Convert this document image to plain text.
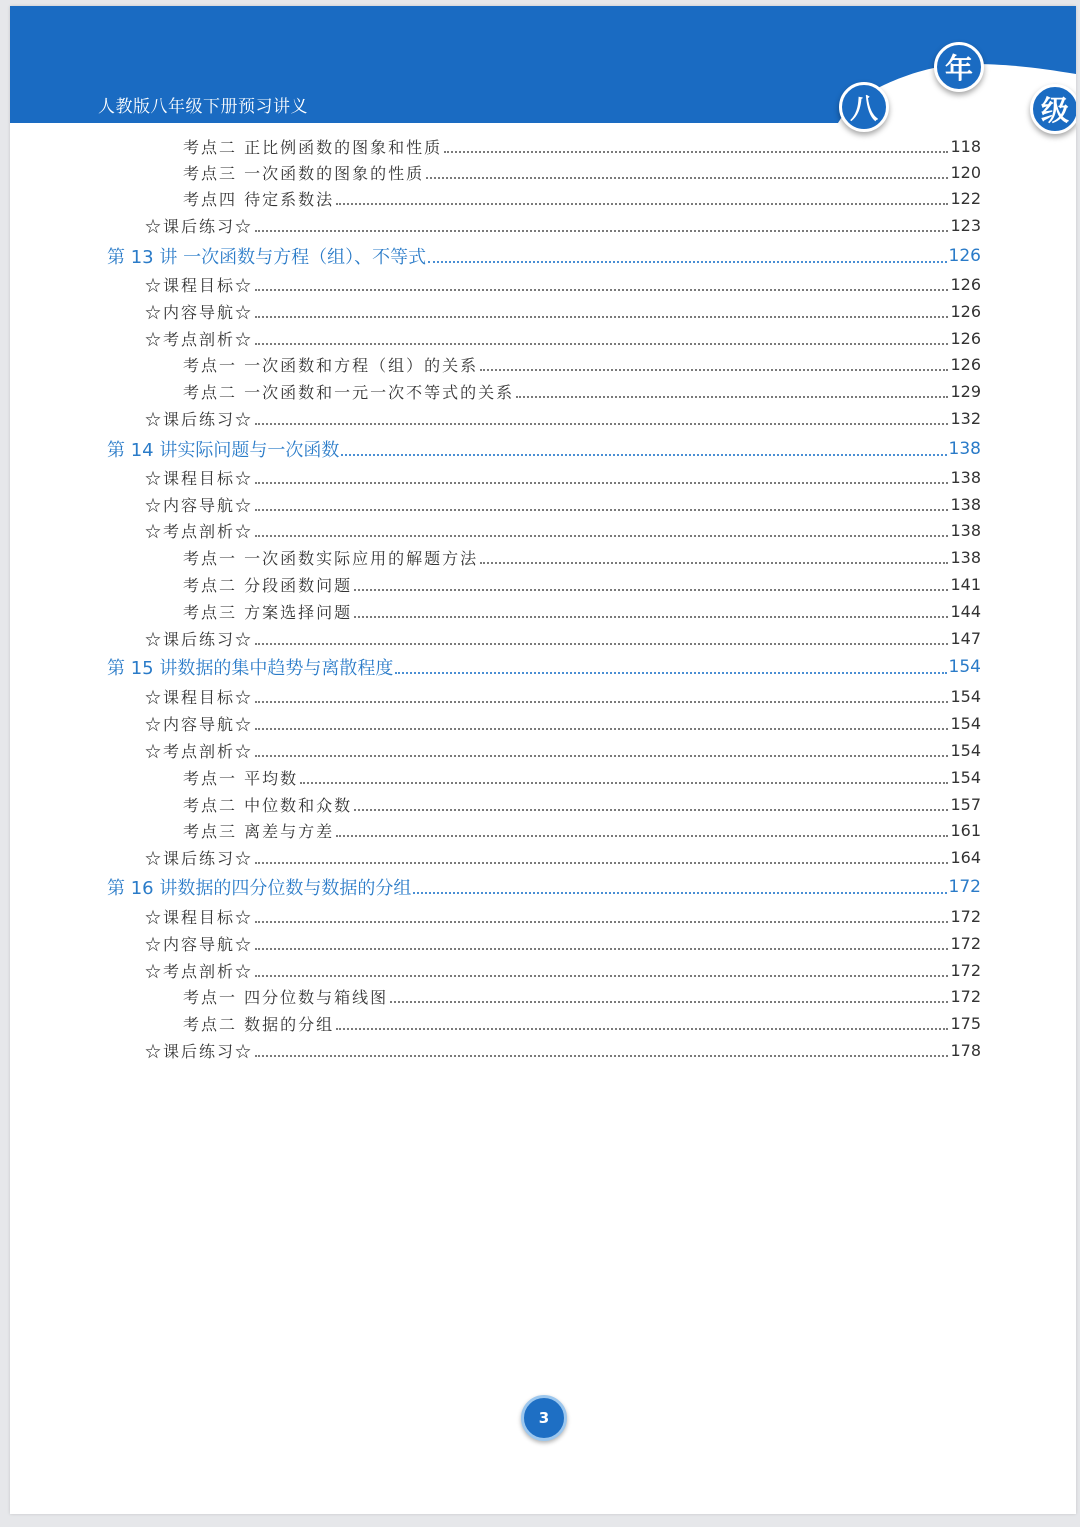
人教版八年级下册预习讲义	八
年
级
考点二 正比例函数的图象和性质	118
考点三 一次函数的图象的性质	120
考点四 待定系数法	122
☆课后练习☆	123
第 13 讲 一次函数与方程（组）、不等式	126
☆课程目标☆	126
☆内容导航☆	126
☆考点剖析☆	126
考点一 一次函数和方程（组）的关系	126
考点二 一次函数和一元一次不等式的关系	129
☆课后练习☆	132
第 14 讲实际问题与一次函数	138
☆课程目标☆	138
☆内容导航☆	138
☆考点剖析☆	138
考点一 一次函数实际应用的解题方法	138
考点二 分段函数问题	141
考点三 方案选择问题	144
☆课后练习☆	147
第 15 讲数据的集中趋势与离散程度	154
☆课程目标☆	154
☆内容导航☆	154
☆考点剖析☆	154
考点一 平均数	154
考点二 中位数和众数	157
考点三 离差与方差	161
☆课后练习☆	164
第 16 讲数据的四分位数与数据的分组	172
☆课程目标☆	172
☆内容导航☆	172
☆考点剖析☆	172
考点一 四分位数与箱线图	172
考点二 数据的分组	175
☆课后练习☆	178
3
